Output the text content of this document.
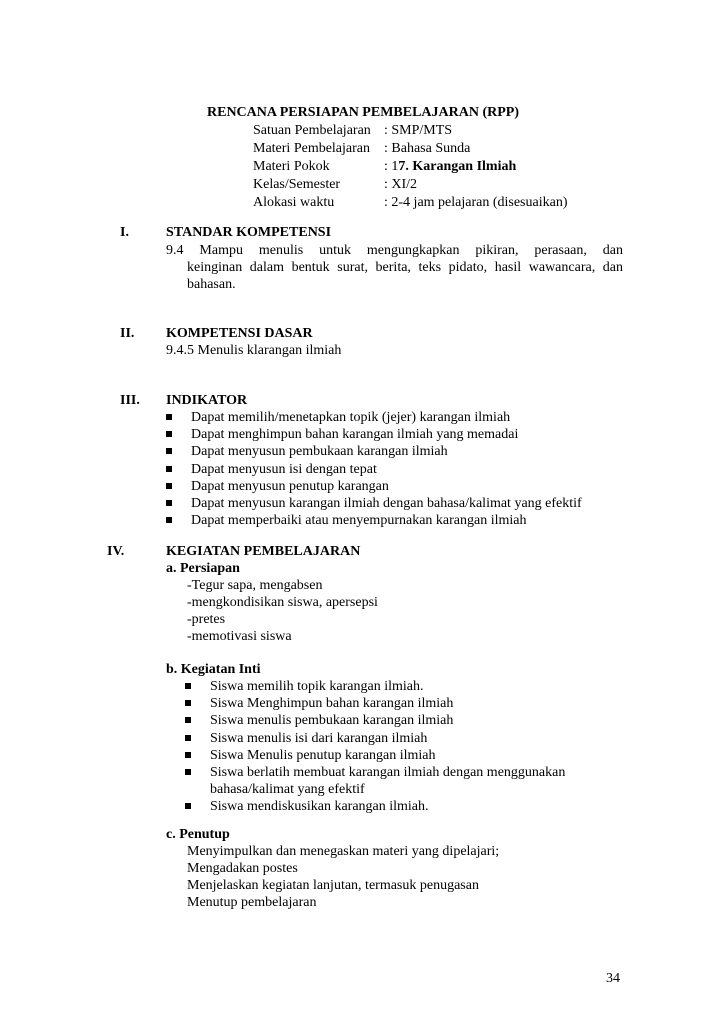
RENCANA PERSIAPAN PEMBELAJARAN (RPP)
Satuan Pembelajaran : SMP/MTS
Materi Pembelajaran : Bahasa Sunda
Materi Pokok	: 17. Karangan Ilmiah
Kelas/Semester	: XI/2
Alokasi waktu	: 2-4 jam pelajaran (disesuaikan)
I.	STANDAR KOMPETENSI
9.4 Mampu menulis untuk mengungkapkan pikiran, perasaan, dan
keinginan dalam bentuk surat, berita, teks pidato, hasil wawancara, dan
bahasan.
II. KOMPETENSI DASAR
9.4.5 Menulis klarangan ilmiah
III. INDIKATOR
Dapat memilih/menetapkan topik (jejer) karangan ilmiah
Dapat menghimpun bahan karangan ilmiah yang memadai
Dapat menyusun pembukaan karangan ilmiah
Dapat menyusun isi dengan tepat
Dapat menyusun penutup karangan
Dapat menyusun karangan ilmiah dengan bahasa/kalimat yang efektif
Dapat memperbaiki atau menyempurnakan karangan ilmiah
IV.	KEGIATAN PEMBELAJARAN
a. Persiapan
-Tegur sapa, mengabsen
-mengkondisikan siswa, apersepsi
-pretes
-memotivasi siswa
b. Kegiatan Inti
Siswa memilih topik karangan ilmiah.
Siswa Menghimpun bahan karangan ilmiah
Siswa menulis pembukaan karangan ilmiah
Siswa menulis isi dari karangan ilmiah
Siswa Menulis penutup karangan ilmiah
Siswa berlatih membuat karangan ilmiah dengan menggunakan
bahasa/kalimat yang efektif
Siswa mendiskusikan karangan ilmiah.
c. Penutup
Menyimpulkan dan menegaskan materi yang dipelajari;
Mengadakan postes
Menjelaskan kegiatan lanjutan, termasuk penugasan
Menutup pembelajaran
34
